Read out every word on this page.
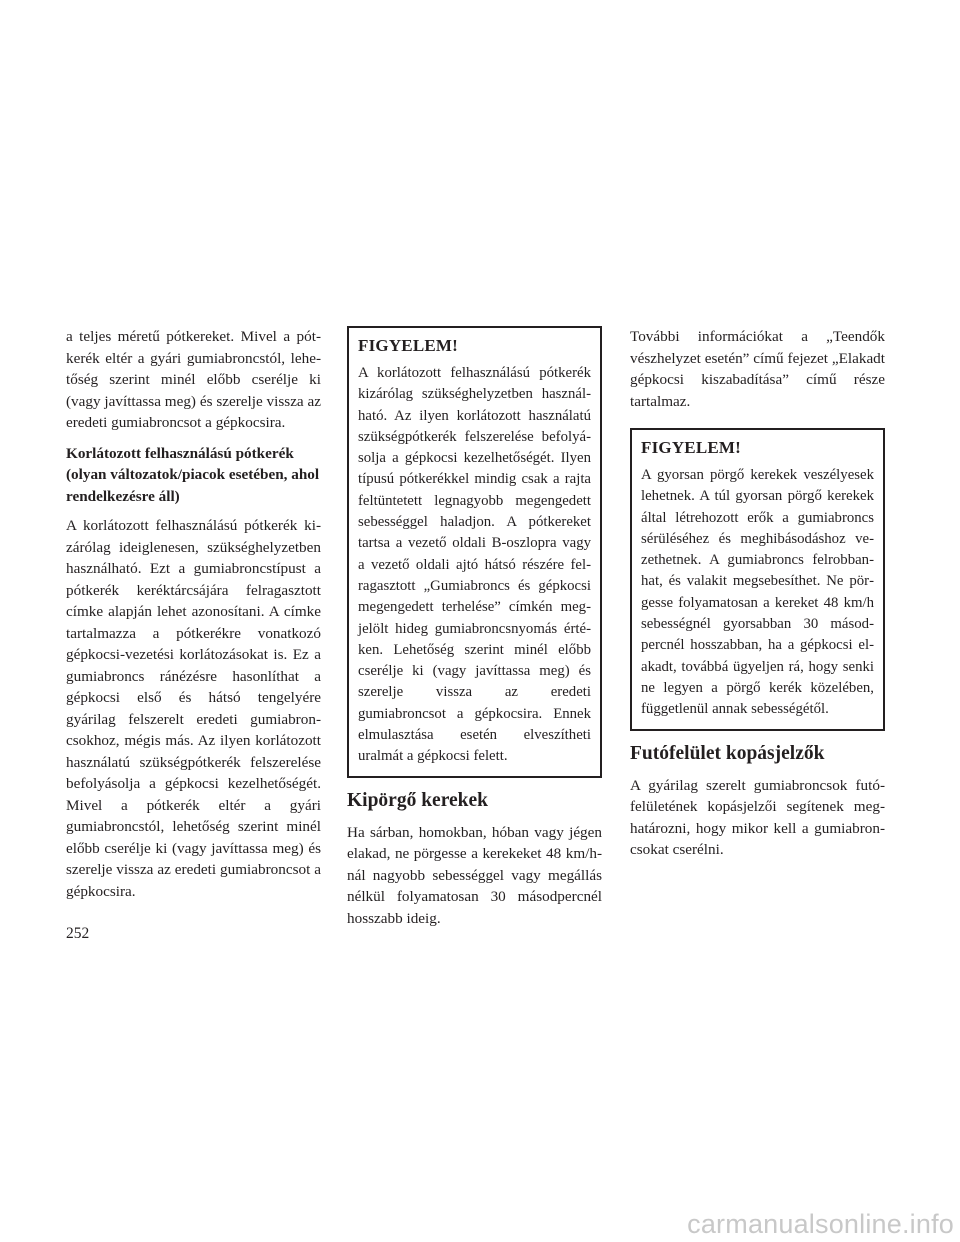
a teljes méretű pótkereket. Mivel a pótkerék eltér a gyári gumiabroncstól, lehetőség szerint minél előbb cserélje ki (vagy javíttassa meg) és szerelje vissza az eredeti gumiabroncsot a gépkocsira.

Korlátozott felhasználású pótkerék (olyan változatok/piacok esetében, ahol rendelkezésre áll)

A korlátozott felhasználású pótkerék kizárólag ideiglenesen, szükséghelyzetben használható. Ezt a gumiabroncstípust a pótkerék keréktárcsájára felragasztott címke alapján lehet azonosítani. A címke tartalmazza a pótkerékre vonatkozó gépkocsi-vezetési korlátozásokat is. Ez a gumiabroncs ránézésre hasonlíthat a gépkocsi első és hátsó tengelyére gyárilag felszerelt eredeti gumiabroncsokhoz, mégis más. Az ilyen korlátozott használatú szükségpótkerék felszerelése befolyásolja a gépkocsi kezelhetőségét. Mivel a pótkerék eltér a gyári gumiabroncstól, lehetőség szerint minél előbb cserélje ki (vagy javíttassa meg) és szerelje vissza az eredeti gumiabroncsot a gépkocsira.

FIGYELEM!

A korlátozott felhasználású pótkerék kizárólag szükséghelyzetben használható. Az ilyen korlátozott használatú szükségpótkerék felszerelése befolyásolja a gépkocsi kezelhetőségét. Ilyen típusú pótkerékkel mindig csak a rajta feltüntetett legnagyobb megengedett sebességgel haladjon. A pótkereket tartsa a vezető oldali B-oszlopra vagy a vezető oldali ajtó hátsó részére felragasztott „Gumiabroncs és gépkocsi megengedett terhelése” címkén megjelölt hideg gumiabroncsnyomás értéken. Lehetőség szerint minél előbb cserélje ki (vagy javíttassa meg) és szerelje vissza az eredeti gumiabroncsot a gépkocsira. Ennek elmulasztása esetén elveszítheti uralmát a gépkocsi felett.

Kipörgő kerekek

Ha sárban, homokban, hóban vagy jégen elakad, ne pörgesse a kerekeket 48 km/h-nál nagyobb sebességgel vagy megállás nélkül folyamatosan 30 másodpercnél hosszabb ideig.

További információkat a „Teendők vészhelyzet esetén” című fejezet „Elakadt gépkocsi kiszabadítása” című része tartalmaz.

FIGYELEM!

A gyorsan pörgő kerekek veszélyesek lehetnek. A túl gyorsan pörgő kerekek által létrehozott erők a gumiabroncs sérüléséhez és meghibásodáshoz vezethetnek. A gumiabroncs felrobbanhat, és valakit megsebesíthet. Ne pörgesse folyamatosan a kereket 48 km/h sebességnél gyorsabban 30 másodpercnél hosszabban, ha a gépkocsi elakadt, továbbá ügyeljen rá, hogy senki ne legyen a pörgő kerék közelében, függetlenül annak sebességétől.

Futófelület kopásjelzők

A gyárilag szerelt gumiabroncsok futófelületének kopásjelzői segítenek meghatározni, hogy mikor kell a gumiabroncsokat cserélni.

252
carmanualsonline.info
